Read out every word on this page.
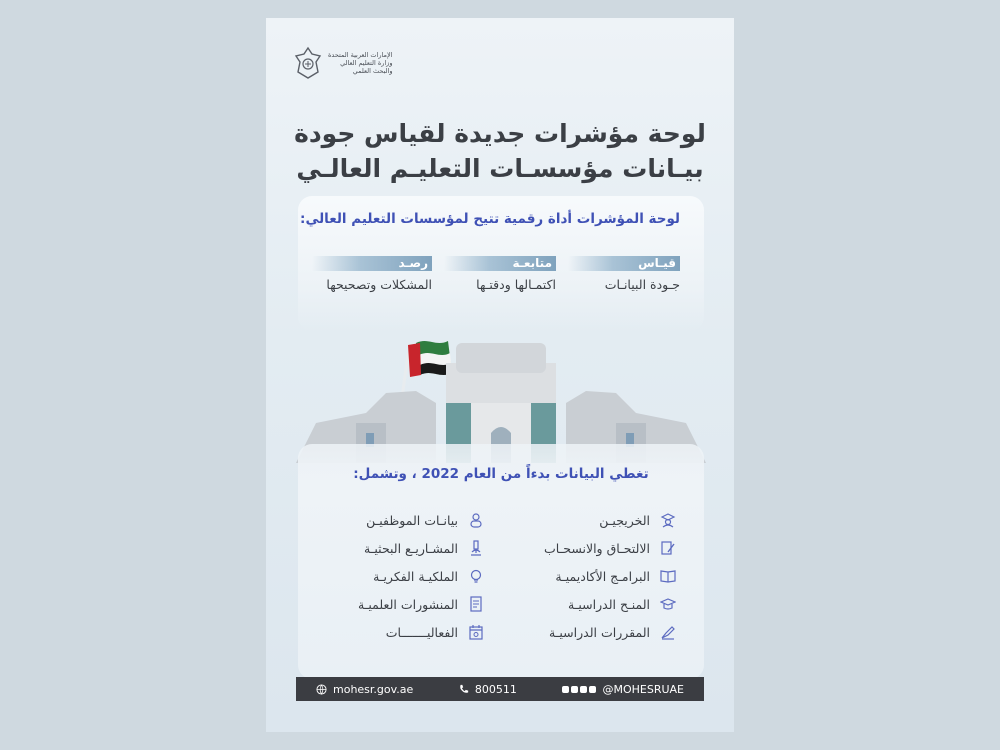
الإمارات العربية المتحدة
وزارة التعليم العالي
والبحث العلمي
لوحة مؤشرات جديدة لقياس جودة
بيـانات مؤسسـات التعليـم العالـي
لوحة المؤشرات أداة رقمية تتيح لمؤسسات التعليم العالي:
قيـاس
جـودة البيانـات
متابعـة
اكتمـالها ودقتـها
رصـد
المشكلات وتصحيحها
تغطي البيانات بدءاً من العام 2022 ، وتشمل:
الخريجيـن
الالتحـاق والانسحـاب
البرامـج الأكاديميـة
المنـح الدراسيـة
المقررات الدراسيـة
بيانـات الموظفيـن
المشـاريـع البحثيـة
الملكيـة الفكريـة
المنشورات العلميـة
الفعاليـــــــات
mohesr.gov.ae	800511	@MOHESRUAE
